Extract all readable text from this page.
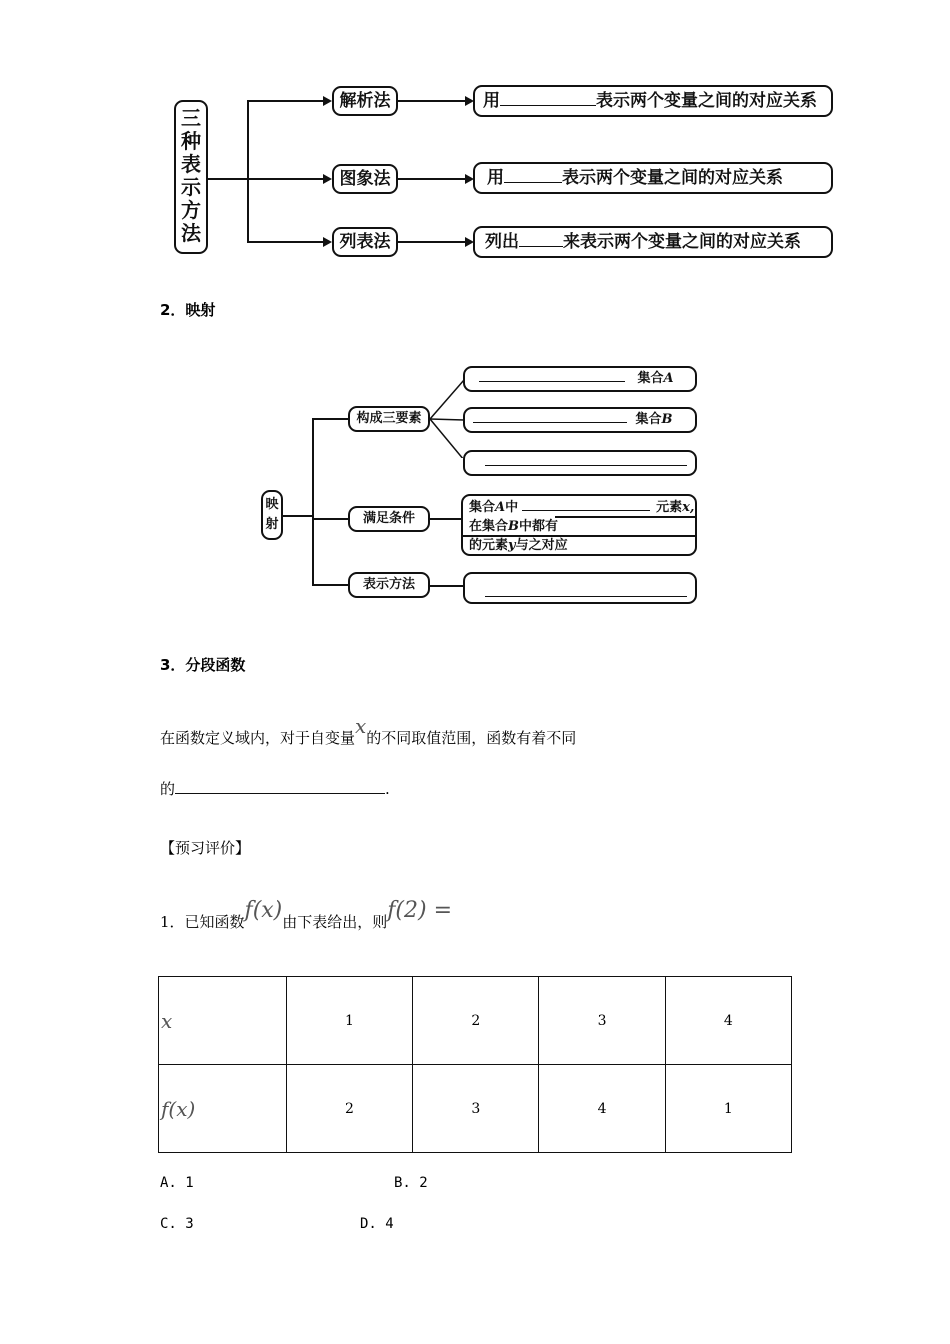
三
种
表
示
方
法
解析法
图象法
列表法
用	表示两个变量之间的对应关系
用	表示两个变量之间的对应关系
列出	来表示两个变量之间的对应关系
2．映射
映
射
构成三要素
满足条件
表示方法
集合A
集合B
集合A中	元素x,
在集合B中都有
的元素y与之对应
3．分段函数
在函数定义域内，对于自变量x的不同取值范围，函数有着不同
的	.
【预习评价】
1．已知函数f(x)由下表给出，则f(2) =
x	1	2	3	4
f(x)	2	3	4	1
A. 1	B. 2
C. 3	D. 4
